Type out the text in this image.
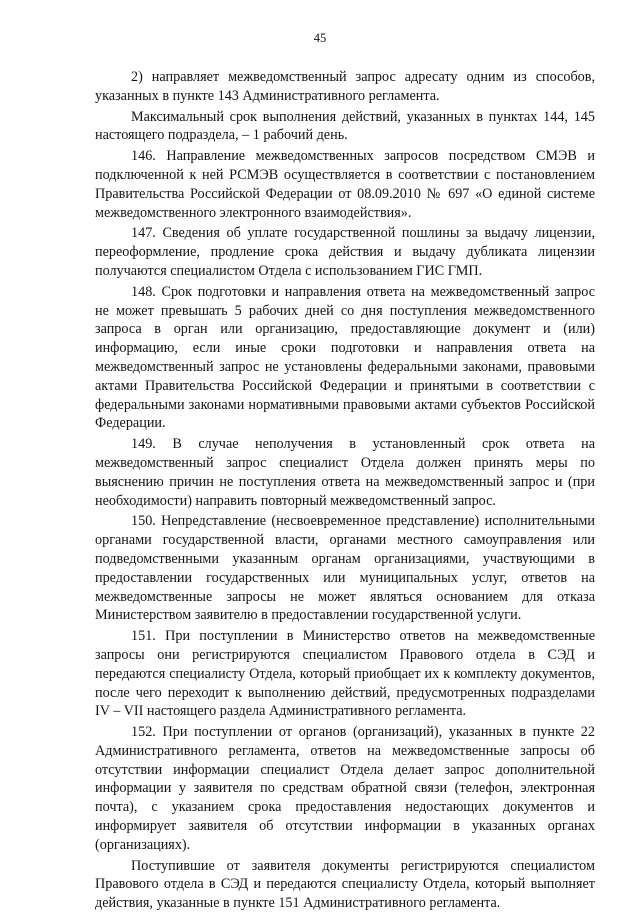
45

2) направляет межведомственный запрос адресату одним из способов, указанных в пункте 143 Административного регламента.

Максимальный срок выполнения действий, указанных в пунктах 144, 145 настоящего подраздела, – 1 рабочий день.

146. Направление межведомственных запросов посредством СМЭВ и подключенной к ней РСМЭВ осуществляется в соответствии с постановлением Правительства Российской Федерации от 08.09.2010 № 697 «О единой системе межведомственного электронного взаимодействия».

147. Сведения об уплате государственной пошлины за выдачу лицензии, переоформление, продление срока действия и выдачу дубликата лицензии получаются специалистом Отдела с использованием ГИС ГМП.

148. Срок подготовки и направления ответа на межведомственный запрос не может превышать 5 рабочих дней со дня поступления межведомственного запроса в орган или организацию, предоставляющие документ и (или) информацию, если иные сроки подготовки и направления ответа на межведомственный запрос не установлены федеральными законами, правовыми актами Правительства Российской Федерации и принятыми в соответствии с федеральными законами нормативными правовыми актами субъектов Российской Федерации.

149. В случае неполучения в установленный срок ответа на межведомственный запрос специалист Отдела должен принять меры по выяснению причин не поступления ответа на межведомственный запрос и (при необходимости) направить повторный межведомственный запрос.

150. Непредставление (несвоевременное представление) исполнительными органами государственной власти, органами местного самоуправления или подведомственными указанным органам организациями, участвующими в предоставлении государственных или муниципальных услуг, ответов на межведомственные запросы не может являться основанием для отказа Министерством заявителю в предоставлении государственной услуги.

151. При поступлении в Министерство ответов на межведомственные запросы они регистрируются специалистом Правового отдела в СЭД и передаются специалисту Отдела, который приобщает их к комплекту документов, после чего переходит к выполнению действий, предусмотренных подразделами IV – VII настоящего раздела Административного регламента.

152. При поступлении от органов (организаций), указанных в пункте 22 Административного регламента, ответов на межведомственные запросы об отсутствии информации специалист Отдела делает запрос дополнительной информации у заявителя по средствам обратной связи (телефон, электронная почта), с указанием срока предоставления недостающих документов и информирует заявителя об отсутствии информации в указанных органах (организациях).

Поступившие от заявителя документы регистрируются специалистом Правового отдела в СЭД и передаются специалисту Отдела, который выполняет действия, указанные в пункте 151 Административного регламента.
